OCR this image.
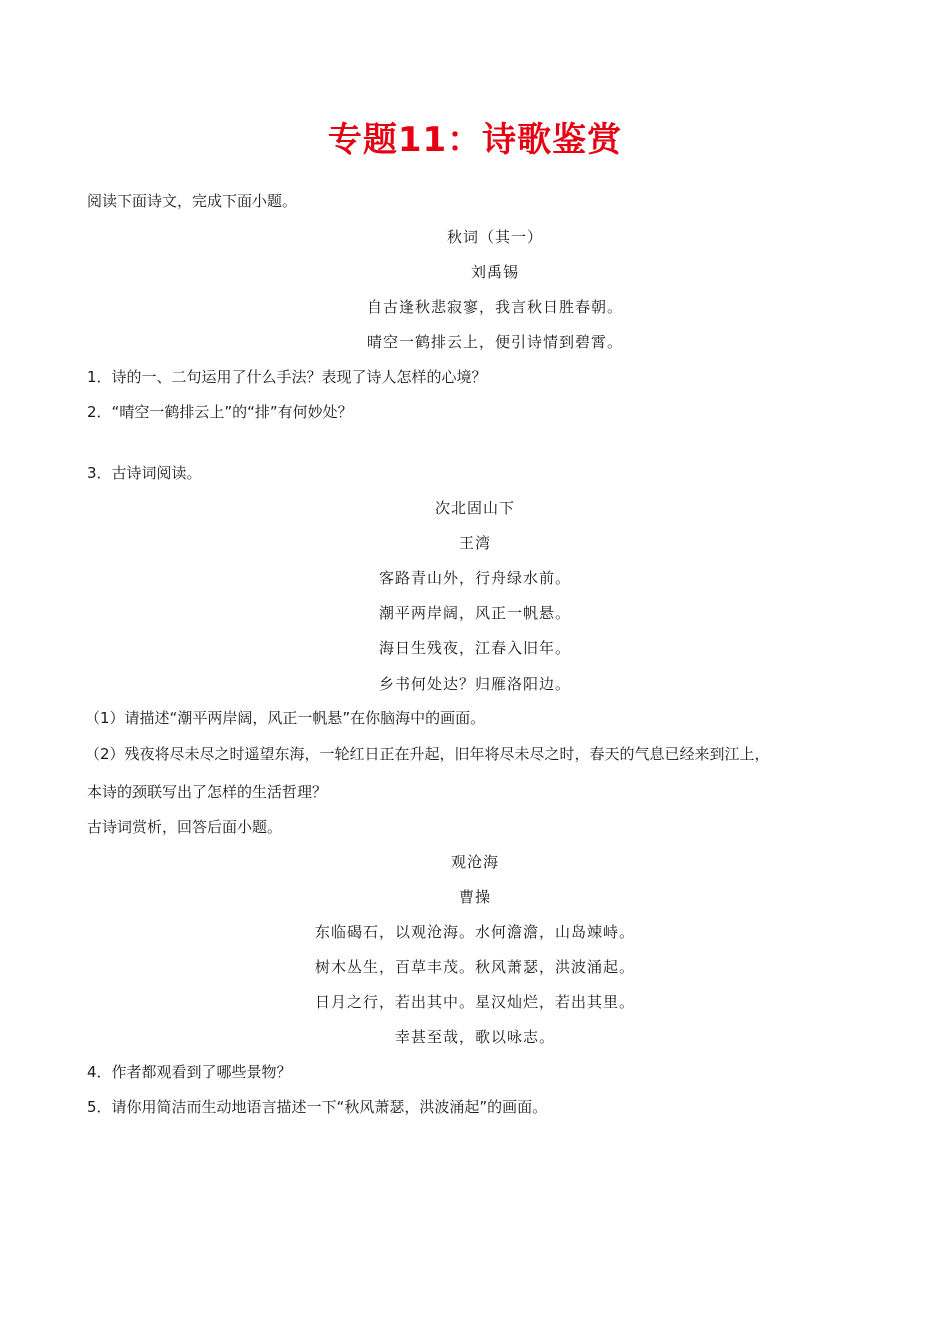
专题11：诗歌鉴赏
阅读下面诗文，完成下面小题。
秋词（其一）
刘禹锡
自古逢秋悲寂寥，我言秋日胜春朝。
晴空一鹤排云上，便引诗情到碧霄。
1．诗的一、二句运用了什么手法？表现了诗人怎样的心境？
2．“晴空一鹤排云上”的“排”有何妙处？
3．古诗词阅读。
次北固山下
王湾
客路青山外，行舟绿水前。
潮平两岸阔，风正一帆悬。
海日生残夜，江春入旧年。
乡书何处达？归雁洛阳边。
（1）请描述“潮平两岸阔，风正一帆悬”在你脑海中的画面。
（2）残夜将尽未尽之时遥望东海，一轮红日正在升起，旧年将尽未尽之时，春天的气息已经来到江上，
本诗的颈联写出了怎样的生活哲理？
古诗词赏析，回答后面小题。
观沧海
曹操
东临碣石，以观沧海。水何澹澹，山岛竦峙。
树木丛生，百草丰茂。秋风萧瑟，洪波涌起。
日月之行，若出其中。星汉灿烂，若出其里。
幸甚至哉，歌以咏志。
4．作者都观看到了哪些景物？
5．请你用简洁而生动地语言描述一下“秋风萧瑟，洪波涌起”的画面。
